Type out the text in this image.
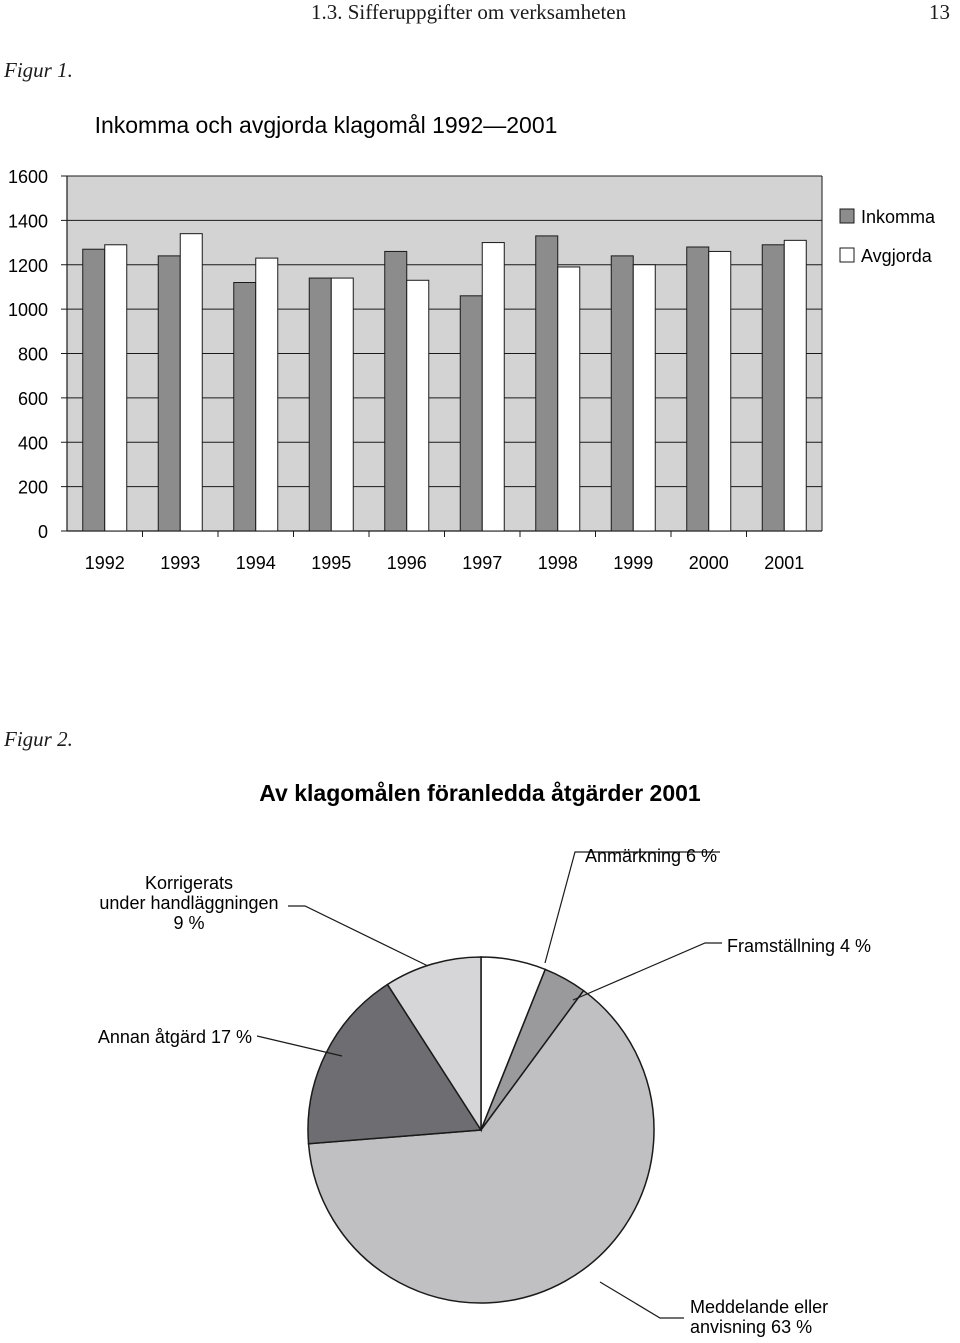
1.3. Sifferuppgifter om verksamheten	13
Figur 1.
Inkomma och avgjorda klagomål 1992—2001
0
200
400
600
800
1000
1200
1400
1600
1992 1993 1994 1995 1996 1997 1998 1999 2000 2001
Inkomma
Avgjorda
Figur 2.
Av klagomålen föranledda åtgärder 2001
Anmärkning 6 %
Framställning 4 %
Meddelande eller
anvisning 63 %
Annan åtgärd 17 %
Korrigerats
under handläggningen
9 %
